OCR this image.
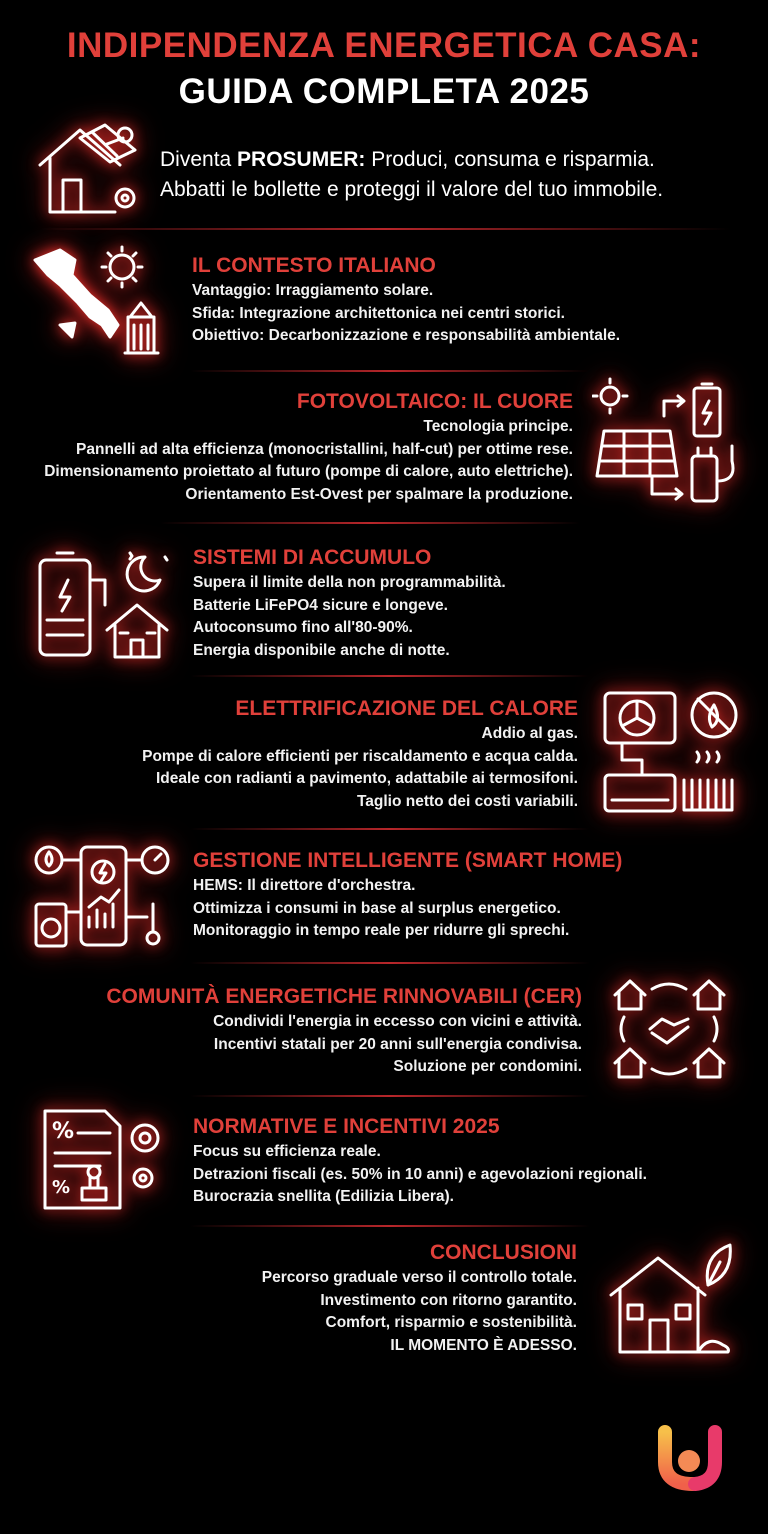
INDIPENDENZA ENERGETICA CASA:
GUIDA COMPLETA 2025
Diventa PROSUMER: Produci, consuma e risparmia.
Abbatti le bollette e proteggi il valore del tuo immobile.
IL CONTESTO ITALIANO

Vantaggio: Irraggiamento solare.

Sfida: Integrazione architettonica nei centri storici.

Obiettivo: Decarbonizzazione e responsabilità ambientale.

FOTOVOLTAICO: IL CUORE

Tecnologia principe.

Pannelli ad alta efficienza (monocristallini, half-cut) per ottime rese.

Dimensionamento proiettato al futuro (pompe di calore, auto elettriche).

Orientamento Est-Ovest per spalmare la produzione.

SISTEMI DI ACCUMULO

Supera il limite della non programmabilità.

Batterie LiFePO4 sicure e longeve.

Autoconsumo fino all'80-90%.

Energia disponibile anche di notte.

ELETTRIFICAZIONE DEL CALORE

Addio al gas.

Pompe di calore efficienti per riscaldamento e acqua calda.

Ideale con radianti a pavimento, adattabile ai termosifoni.

Taglio netto dei costi variabili.

GESTIONE INTELLIGENTE (SMART HOME)

HEMS: Il direttore d'orchestra.

Ottimizza i consumi in base al surplus energetico.

Monitoraggio in tempo reale per ridurre gli sprechi.

COMUNITÀ ENERGETICHE RINNOVABILI (CER)

Condividi l'energia in eccesso con vicini e attività.

Incentivi statali per 20 anni sull'energia condivisa.

Soluzione per condomini.

%
%
NORMATIVE E INCENTIVI 2025

Focus su efficienza reale.

Detrazioni fiscali (es. 50% in 10 anni) e agevolazioni regionali.

Burocrazia snellita (Edilizia Libera).

CONCLUSIONI

Percorso graduale verso il controllo totale.

Investimento con ritorno garantito.

Comfort, risparmio e sostenibilità.

IL MOMENTO È ADESSO.
